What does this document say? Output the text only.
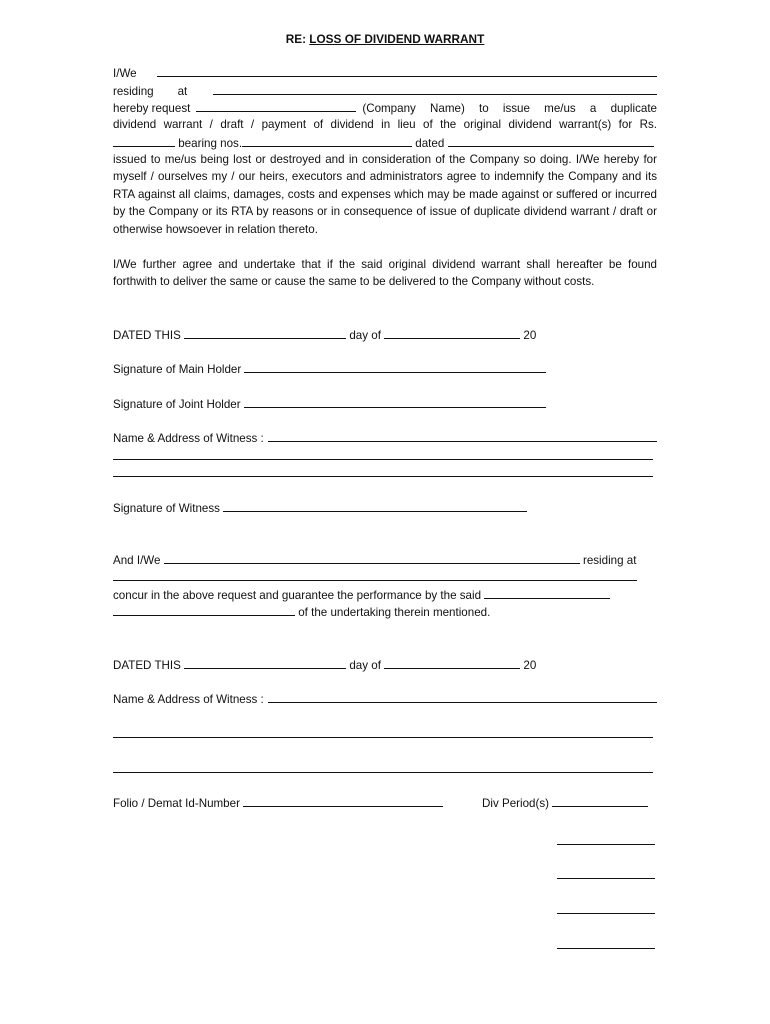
RE: LOSS OF DIVIDEND WARRANT
I/We
residing at
hereby request	(Company Name) to issue me/us a duplicate
dividend warrant / draft / payment of dividend in lieu of the original dividend warrant(s) for Rs.
bearing nos.	dated
issued to me/us being lost or destroyed and in consideration of the Company so doing. I/We hereby for myself / ourselves my / our heirs, executors and administrators agree to indemnify the Company and its RTA against all claims, damages, costs and expenses which may be made against or suffered or incurred by the Company or its RTA by reasons or in consequence of issue of duplicate dividend warrant / draft or otherwise howsoever in relation thereto.
I/We further agree and undertake that if the said original dividend warrant shall hereafter be found forthwith to deliver the same or cause the same to be delivered to the Company without costs.
DATED THIS	day of	20
Signature of Main Holder
Signature of Joint Holder
Name & Address of Witness :
Signature of Witness
And I/We	residing at
concur in the above request and guarantee the performance by the said
of the undertaking therein mentioned.
DATED THIS	day of	20
Name & Address of Witness :
Folio / Demat Id-Number	Div Period(s)
